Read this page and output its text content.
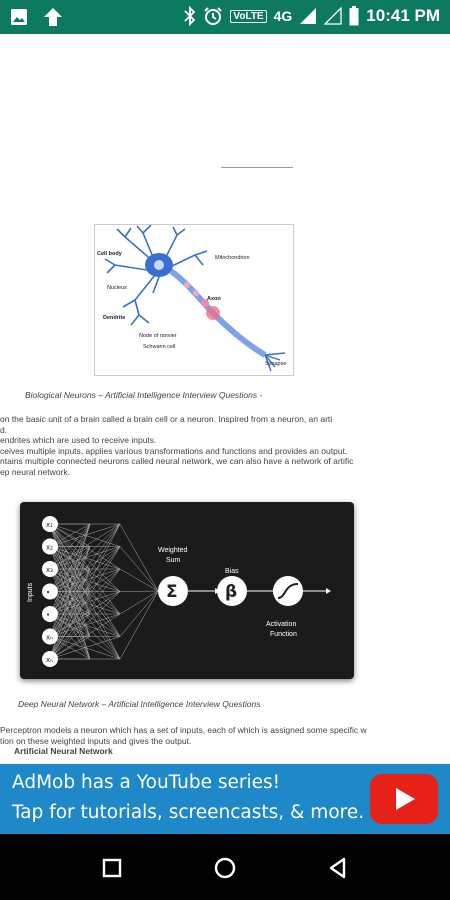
VoLTE 4G	10:41 PM
Cell body
Mitochondrion
Nucleus
Axon
Dendrite
Node of ranvier
Schwann cell
Synapse
Biological Neurons – Artificial Intelligence Interview Questions -
on the basic unit of a brain called a brain cell or a neuron. Inspired from a neuron, an arti
d.
endrites which are used to receive inputs.
ceives multiple inputs, applies various transformations and functions and provides an output.
ntains multiple connected neurons called neural network, we can also have a network of artific
ep neural network.
x₁
x₂
x₃
•
•
xₙ
xₙ
Inputs
Weighted
Sum
Σ
Bias
β
Activation
Function
Deep Neural Network – Artificial Intelligence Interview Questions
Perceptron models a neuron which has a set of inputs, each of which is assigned some specific w
tion on these weighted inputs and gives the output.
Artificial Neural Network
AdMob has a YouTube series!
Tap for tutorials, screencasts, & more.
